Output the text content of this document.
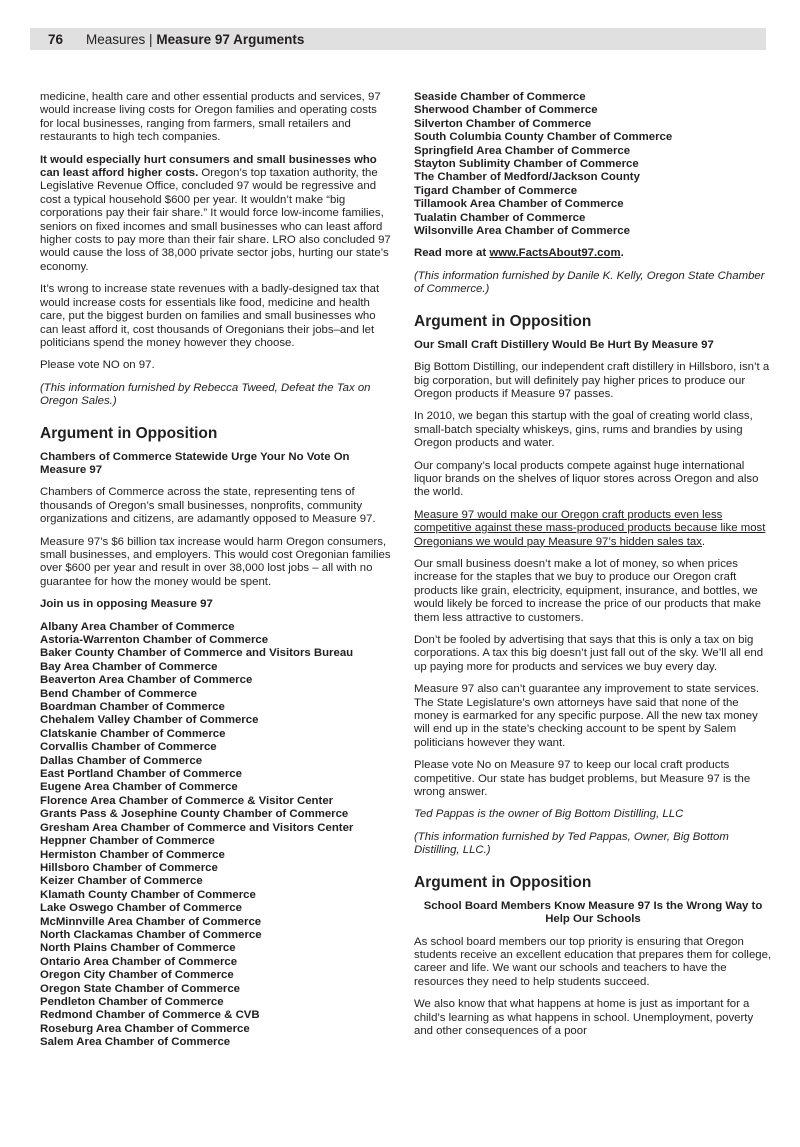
76	Measures
|
Measure 97 Arguments

medicine, health care and other essential products and services, 97 would increase living costs for Oregon families and operating costs for local businesses, ranging from farmers, small retailers and restaurants to high tech companies.

It would especially hurt consumers and small businesses who can least afford higher costs. Oregon’s top taxation authority, the Legislative Revenue Office, concluded 97 would be regressive and cost a typical household $600 per year. It wouldn’t make “big corporations pay their fair share.” It would force low-income families, seniors on fixed incomes and small businesses who can least afford higher costs to pay more than their fair share. LRO also concluded 97 would cause the loss of 38,000 private sector jobs, hurting our state’s economy.

It’s wrong to increase state revenues with a badly-designed tax that would increase costs for essentials like food, medicine and health care, put the biggest burden on families and small businesses who can least afford it, cost thousands of Oregonians their jobs–and let politicians spend the money however they choose.

Please vote NO on 97.

(This information furnished by Rebecca Tweed, Defeat the Tax on Oregon Sales.)

Argument in Opposition

Chambers of Commerce Statewide Urge Your No Vote On Measure 97

Chambers of Commerce across the state, representing tens of thousands of Oregon’s small businesses, nonprofits, community organizations and citizens, are adamantly opposed to Measure 97.

Measure 97’s $6 billion tax increase would harm Oregon consumers, small businesses, and employers. This would cost Oregonian families over $600 per year and result in over 38,000 lost jobs – all with no guarantee for how the money would be spent.

Join us in opposing Measure 97

Albany Area Chamber of Commerce
Astoria-Warrenton Chamber of Commerce
Baker County Chamber of Commerce and Visitors Bureau
Bay Area Chamber of Commerce
Beaverton Area Chamber of Commerce
Bend Chamber of Commerce
Boardman Chamber of Commerce
Chehalem Valley Chamber of Commerce
Clatskanie Chamber of Commerce
Corvallis Chamber of Commerce
Dallas Chamber of Commerce
East Portland Chamber of Commerce
Eugene Area Chamber of Commerce
Florence Area Chamber of Commerce & Visitor Center
Grants Pass & Josephine County Chamber of Commerce
Gresham Area Chamber of Commerce and Visitors Center
Heppner Chamber of Commerce
Hermiston Chamber of Commerce
Hillsboro Chamber of Commerce
Keizer Chamber of Commerce
Klamath County Chamber of Commerce
Lake Oswego Chamber of Commerce
McMinnville Area Chamber of Commerce
North Clackamas Chamber of Commerce
North Plains Chamber of Commerce
Ontario Area Chamber of Commerce
Oregon City Chamber of Commerce
Oregon State Chamber of Commerce
Pendleton Chamber of Commerce
Redmond Chamber of Commerce & CVB
Roseburg Area Chamber of Commerce
Salem Area Chamber of Commerce
Seaside Chamber of Commerce
Sherwood Chamber of Commerce
Silverton Chamber of Commerce
South Columbia County Chamber of Commerce
Springfield Area Chamber of Commerce
Stayton Sublimity Chamber of Commerce
The Chamber of Medford/Jackson County
Tigard Chamber of Commerce
Tillamook Area Chamber of Commerce
Tualatin Chamber of Commerce
Wilsonville Area Chamber of Commerce

Read more at www.FactsAbout97.com.

(This information furnished by Danile K. Kelly, Oregon State Chamber of Commerce.)

Argument in Opposition

Our Small Craft Distillery Would Be Hurt By Measure 97

Big Bottom Distilling, our independent craft distillery in Hillsboro, isn’t a big corporation, but will definitely pay higher prices to produce our Oregon products if Measure 97 passes.

In 2010, we began this startup with the goal of creating world class, small-batch specialty whiskeys, gins, rums and brandies by using Oregon products and water.

Our company’s local products compete against huge international liquor brands on the shelves of liquor stores across Oregon and also the world.

Measure 97 would make our Oregon craft products even less competitive against these mass-produced products because like most Oregonians we would pay Measure 97’s hidden sales tax.

Our small business doesn’t make a lot of money, so when prices increase for the staples that we buy to produce our Oregon craft products like grain, electricity, equipment, insurance, and bottles, we would likely be forced to increase the price of our products that make them less attractive to customers.

Don’t be fooled by advertising that says that this is only a tax on big corporations. A tax this big doesn’t just fall out of the sky. We’ll all end up paying more for products and services we buy every day.

Measure 97 also can’t guarantee any improvement to state services. The State Legislature’s own attorneys have said that none of the money is earmarked for any specific purpose. All the new tax money will end up in the state’s checking account to be spent by Salem politicians however they want.

Please vote No on Measure 97 to keep our local craft products competitive. Our state has budget problems, but Measure 97 is the wrong answer.

Ted Pappas is the owner of Big Bottom Distilling, LLC

(This information furnished by Ted Pappas, Owner, Big Bottom Distilling, LLC.)

Argument in Opposition

School Board Members Know Measure 97 Is the Wrong Way to Help Our Schools

As school board members our top priority is ensuring that Oregon students receive an excellent education that prepares them for college, career and life. We want our schools and teachers to have the resources they need to help students succeed.

We also know that what happens at home is just as important for a child’s learning as what happens in school. Unemployment, poverty and other consequences of a poor
